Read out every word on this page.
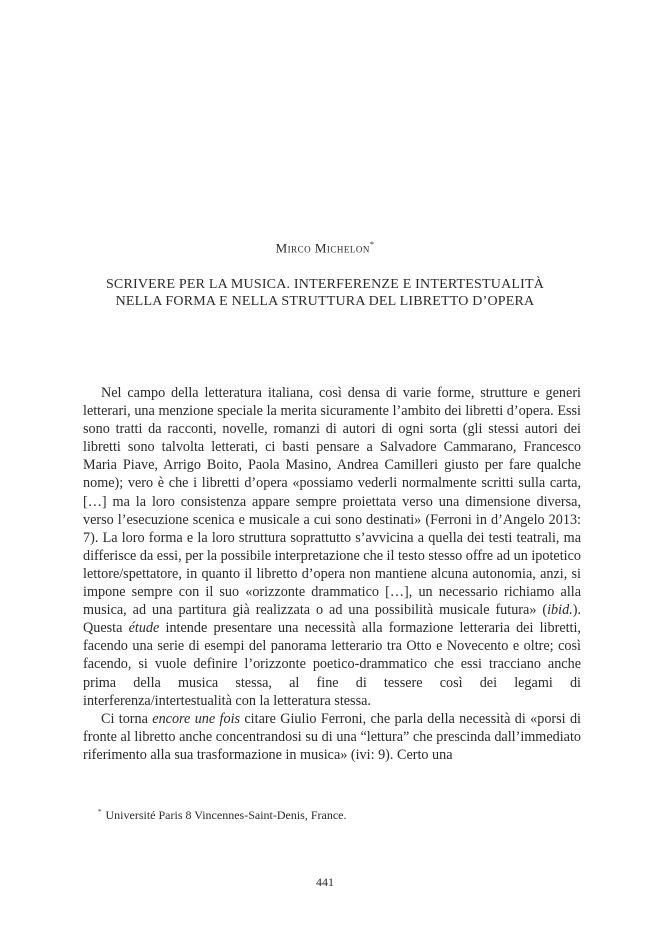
Mirco Michelon*
SCRIVERE PER LA MUSICA. INTERFERENZE E INTERTESTUALITÀ
NELLA FORMA E NELLA STRUTTURA DEL LIBRETTO D’OPERA

Nel campo della letteratura italiana, così densa di varie forme, strutture e generi letterari, una menzione speciale la merita sicuramente l’ambito dei libretti d’opera. Essi sono tratti da racconti, novelle, romanzi di autori di ogni sorta (gli stessi autori dei libretti sono talvolta letterati, ci basti pensare a Salvadore Cammarano, Francesco Maria Piave, Arrigo Boito, Paola Masino, Andrea Camilleri giusto per fare qualche nome); vero è che i libretti d’opera «possiamo vederli normalmente scritti sulla carta, […] ma la loro consistenza appare sempre proiettata verso una dimensione diversa, verso l’esecuzione scenica e musicale a cui sono destinati» (Ferroni in d’Angelo 2013: 7). La loro forma e la loro struttura soprattutto s’avvicina a quella dei testi teatrali, ma differisce da essi, per la possibile interpretazione che il testo stesso offre ad un ipotetico lettore/spettatore, in quanto il libretto d’opera non mantiene alcuna autonomia, anzi, si impone sempre con il suo «orizzonte drammatico […], un necessario richiamo alla musica, ad una partitura già realizzata o ad una possibilità musicale futura» (ibid.). Questa étude intende presentare una necessità alla formazione letteraria dei libretti, facendo una serie di esempi del panorama letterario tra Otto e Novecento e oltre; così facendo, si vuole definire l’orizzonte poetico-drammatico che essi tracciano anche prima della musica stessa, al fine di tessere così dei legami di interferenza/intertestualità con la letteratura stessa.

Ci torna encore une fois citare Giulio Ferroni, che parla della necessità di «porsi di fronte al libretto anche concentrandosi su di una “lettura” che prescinda dall’immediato riferimento alla sua trasformazione in musica» (ivi: 9). Certo una

* Université Paris 8 Vincennes-Saint-Denis, France.
441
